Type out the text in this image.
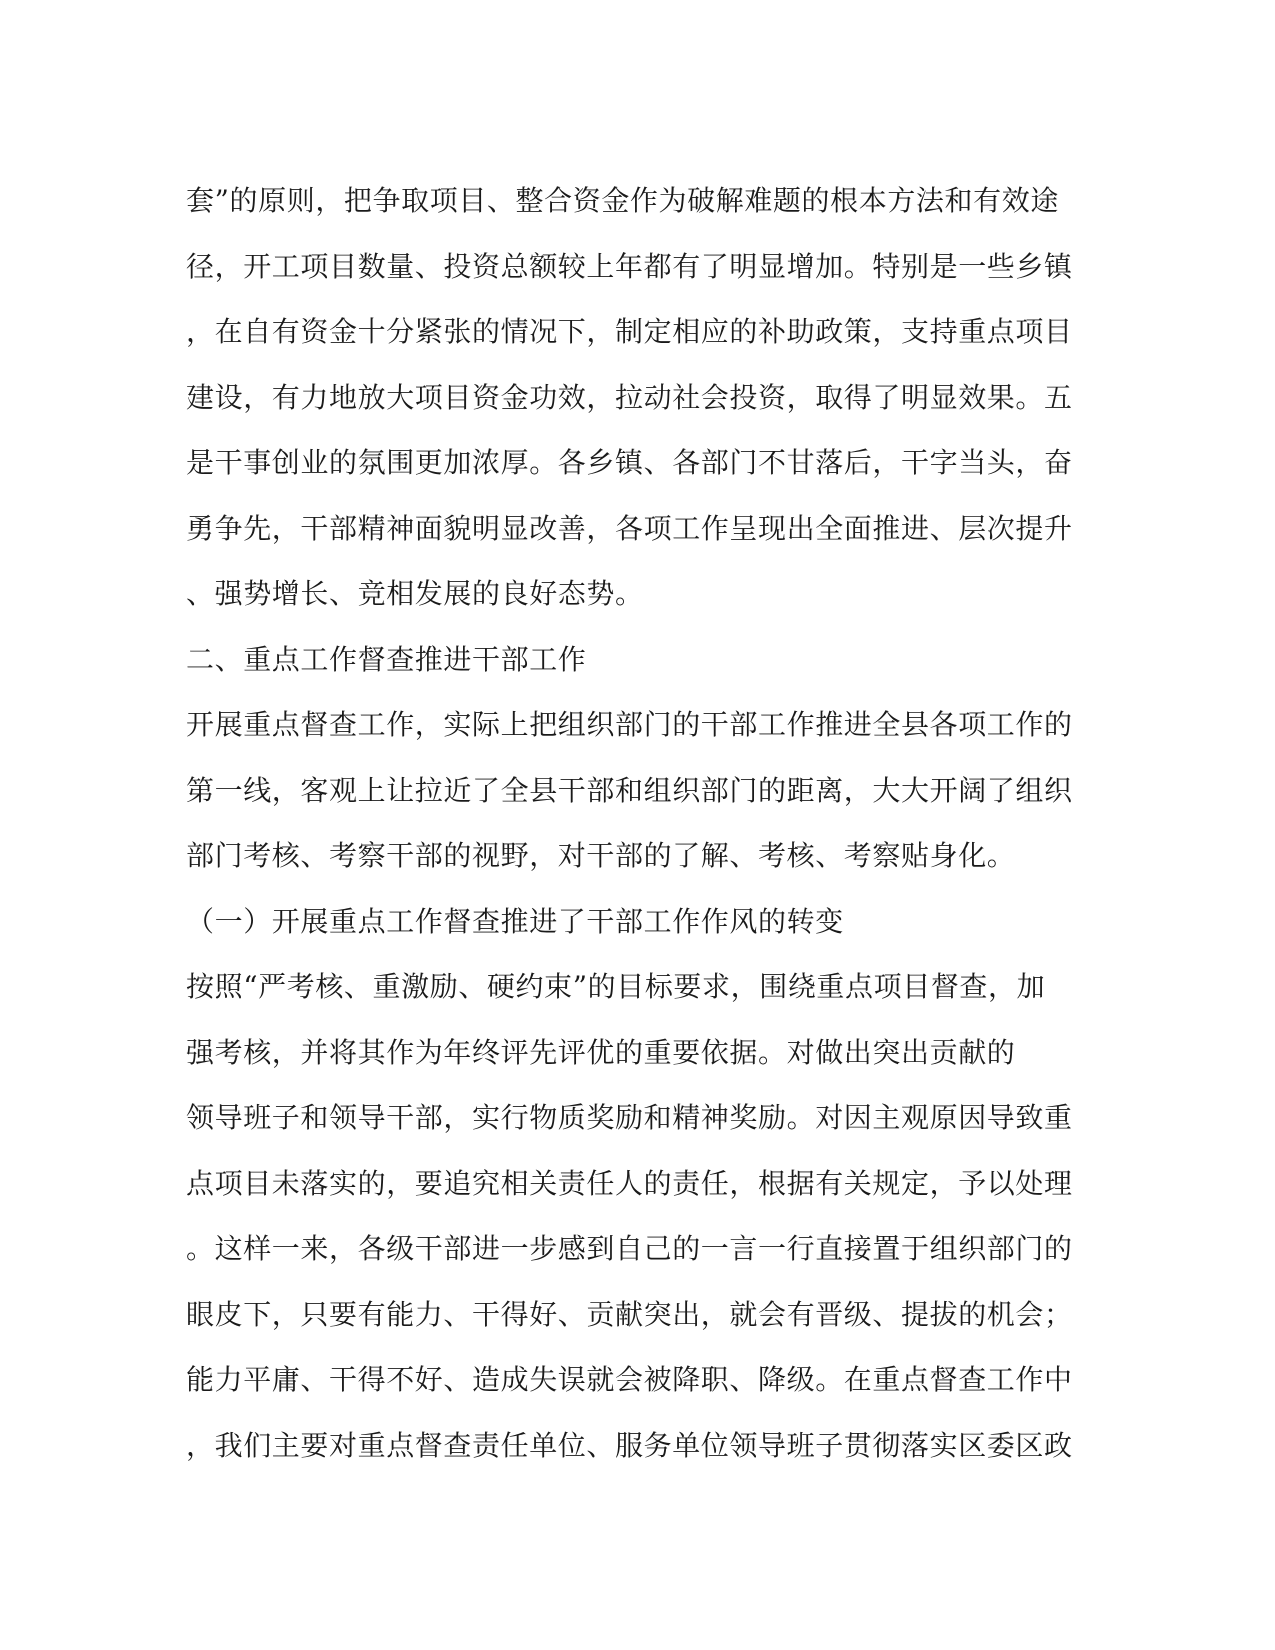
套”的原则，把争取项目、整合资金作为破解难题的根本方法和有效途
径，开工项目数量、投资总额较上年都有了明显增加。特别是一些乡镇
，在自有资金十分紧张的情况下，制定相应的补助政策，支持重点项目
建设，有力地放大项目资金功效，拉动社会投资，取得了明显效果。五
是干事创业的氛围更加浓厚。各乡镇、各部门不甘落后，干字当头，奋
勇争先，干部精神面貌明显改善，各项工作呈现出全面推进、层次提升
、强势增长、竞相发展的良好态势。
二、重点工作督查推进干部工作
开展重点督查工作，实际上把组织部门的干部工作推进全县各项工作的
第一线，客观上让拉近了全县干部和组织部门的距离，大大开阔了组织
部门考核、考察干部的视野，对干部的了解、考核、考察贴身化。
（一）开展重点工作督查推进了干部工作作风的转变
按照“严考核、重激励、硬约束”的目标要求，围绕重点项目督查，加
强考核，并将其作为年终评先评优的重要依据。对做出突出贡献的
领导班子和领导干部，实行物质奖励和精神奖励。对因主观原因导致重
点项目未落实的，要追究相关责任人的责任，根据有关规定，予以处理
。这样一来，各级干部进一步感到自己的一言一行直接置于组织部门的
眼皮下，只要有能力、干得好、贡献突出，就会有晋级、提拔的机会；
能力平庸、干得不好、造成失误就会被降职、降级。在重点督查工作中
，我们主要对重点督查责任单位、服务单位领导班子贯彻落实区委区政
